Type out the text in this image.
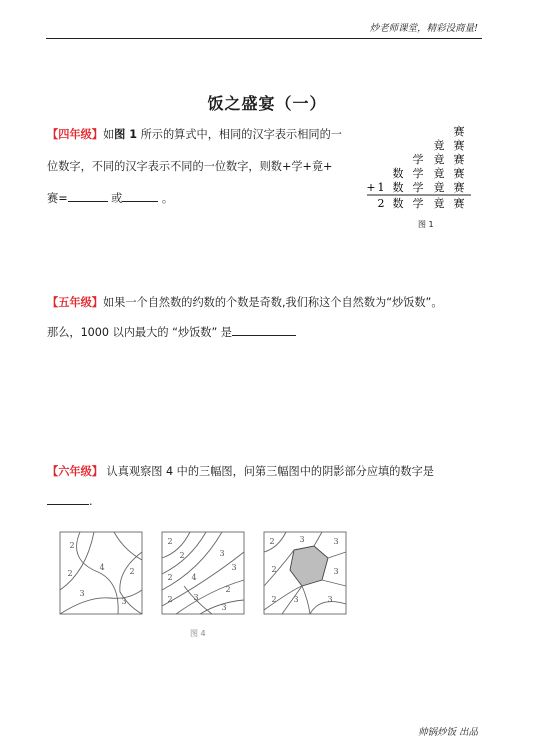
炒老师课堂，精彩没商量!
饭之盛宴（一）
【四年级】如图 1 所示的算式中，相同的汉字表示相同的一
位数字，不同的汉字表示不同的一位数字，则数+学+竟+
赛=	或	。
赛
竟 赛
学 竟 赛
数 学 竟 赛
+ 1 数 学 竟 赛
2 数 学 竟 赛
图 1
【五年级】如果一个自然数的约数的个数是奇数,我们称这个自然数为“炒饭数”。
那么，1000 以内最大的 “炒饭数” 是
【六年级】 认真观察图 4 中的三幅图，问第三幅图中的阴影部分应填的数字是
.
2
2
4	2
3
3
2
2	3
2 4
3
2
2	3
3
2	3	3
2	3
2 3	3
图 4
帅锅炒饭 出品
